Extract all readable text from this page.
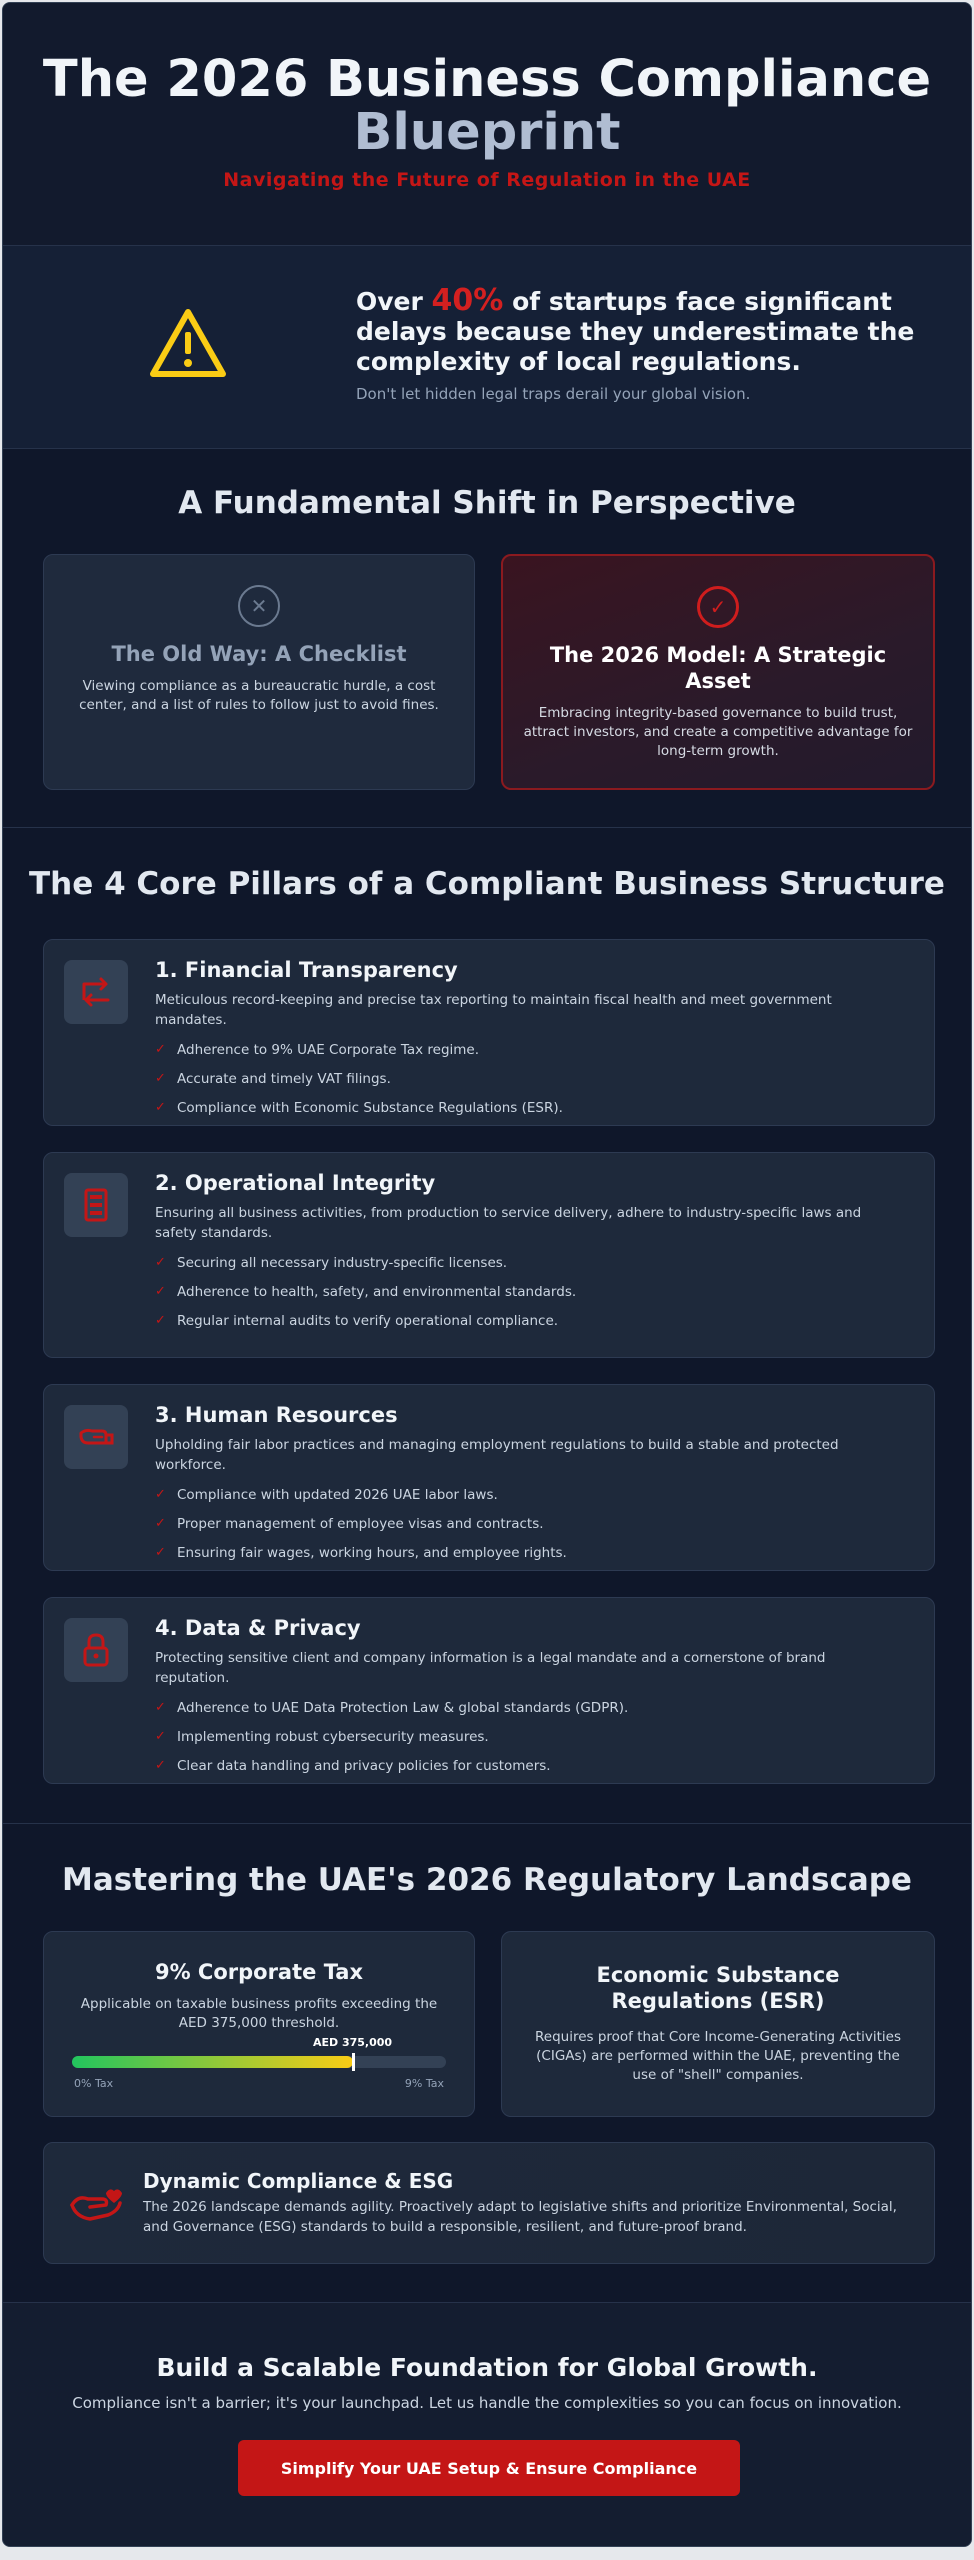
The 2026 Business Compliance
Blueprint
Navigating the Future of Regulation in the UAE
Over 40% of startups face significant delays because they underestimate the complexity of local regulations.
Don't let hidden legal traps derail your global vision.
A Fundamental Shift in Perspective
✕
The Old Way: A Checklist
Viewing compliance as a bureaucratic hurdle, a cost center, and a list of rules to follow just to avoid fines.
✓
The 2026 Model: A Strategic Asset
Embracing integrity-based governance to build trust, attract investors, and create a competitive advantage for long-term growth.
The 4 Core Pillars of a Compliant Business Structure
1. Financial Transparency
Meticulous record-keeping and precise tax reporting to maintain fiscal health and meet government mandates.
✓ Adherence to 9% UAE Corporate Tax regime.
✓ Accurate and timely VAT filings.
✓ Compliance with Economic Substance Regulations (ESR).
2. Operational Integrity
Ensuring all business activities, from production to service delivery, adhere to industry-specific laws and safety standards.
✓ Securing all necessary industry-specific licenses.
✓ Adherence to health, safety, and environmental standards.
✓ Regular internal audits to verify operational compliance.
3. Human Resources
Upholding fair labor practices and managing employment regulations to build a stable and protected workforce.
✓ Compliance with updated 2026 UAE labor laws.
✓ Proper management of employee visas and contracts.
✓ Ensuring fair wages, working hours, and employee rights.
4. Data & Privacy
Protecting sensitive client and company information is a legal mandate and a cornerstone of brand reputation.
✓ Adherence to UAE Data Protection Law & global standards (GDPR).
✓ Implementing robust cybersecurity measures.
✓ Clear data handling and privacy policies for customers.
Mastering the UAE's 2026 Regulatory Landscape
9% Corporate Tax
Applicable on taxable business profits exceeding the AED 375,000 threshold.
AED 375,000
0% Tax	9% Tax
Economic Substance Regulations (ESR)
Requires proof that Core Income-Generating Activities (CIGAs) are performed within the UAE, preventing the use of "shell" companies.
Dynamic Compliance & ESG
The 2026 landscape demands agility. Proactively adapt to legislative shifts and prioritize Environmental, Social, and Governance (ESG) standards to build a responsible, resilient, and future-proof brand.
Build a Scalable Foundation for Global Growth.
Compliance isn't a barrier; it's your launchpad. Let us handle the complexities so you can focus on innovation.
Simplify Your UAE Setup & Ensure Compliance
